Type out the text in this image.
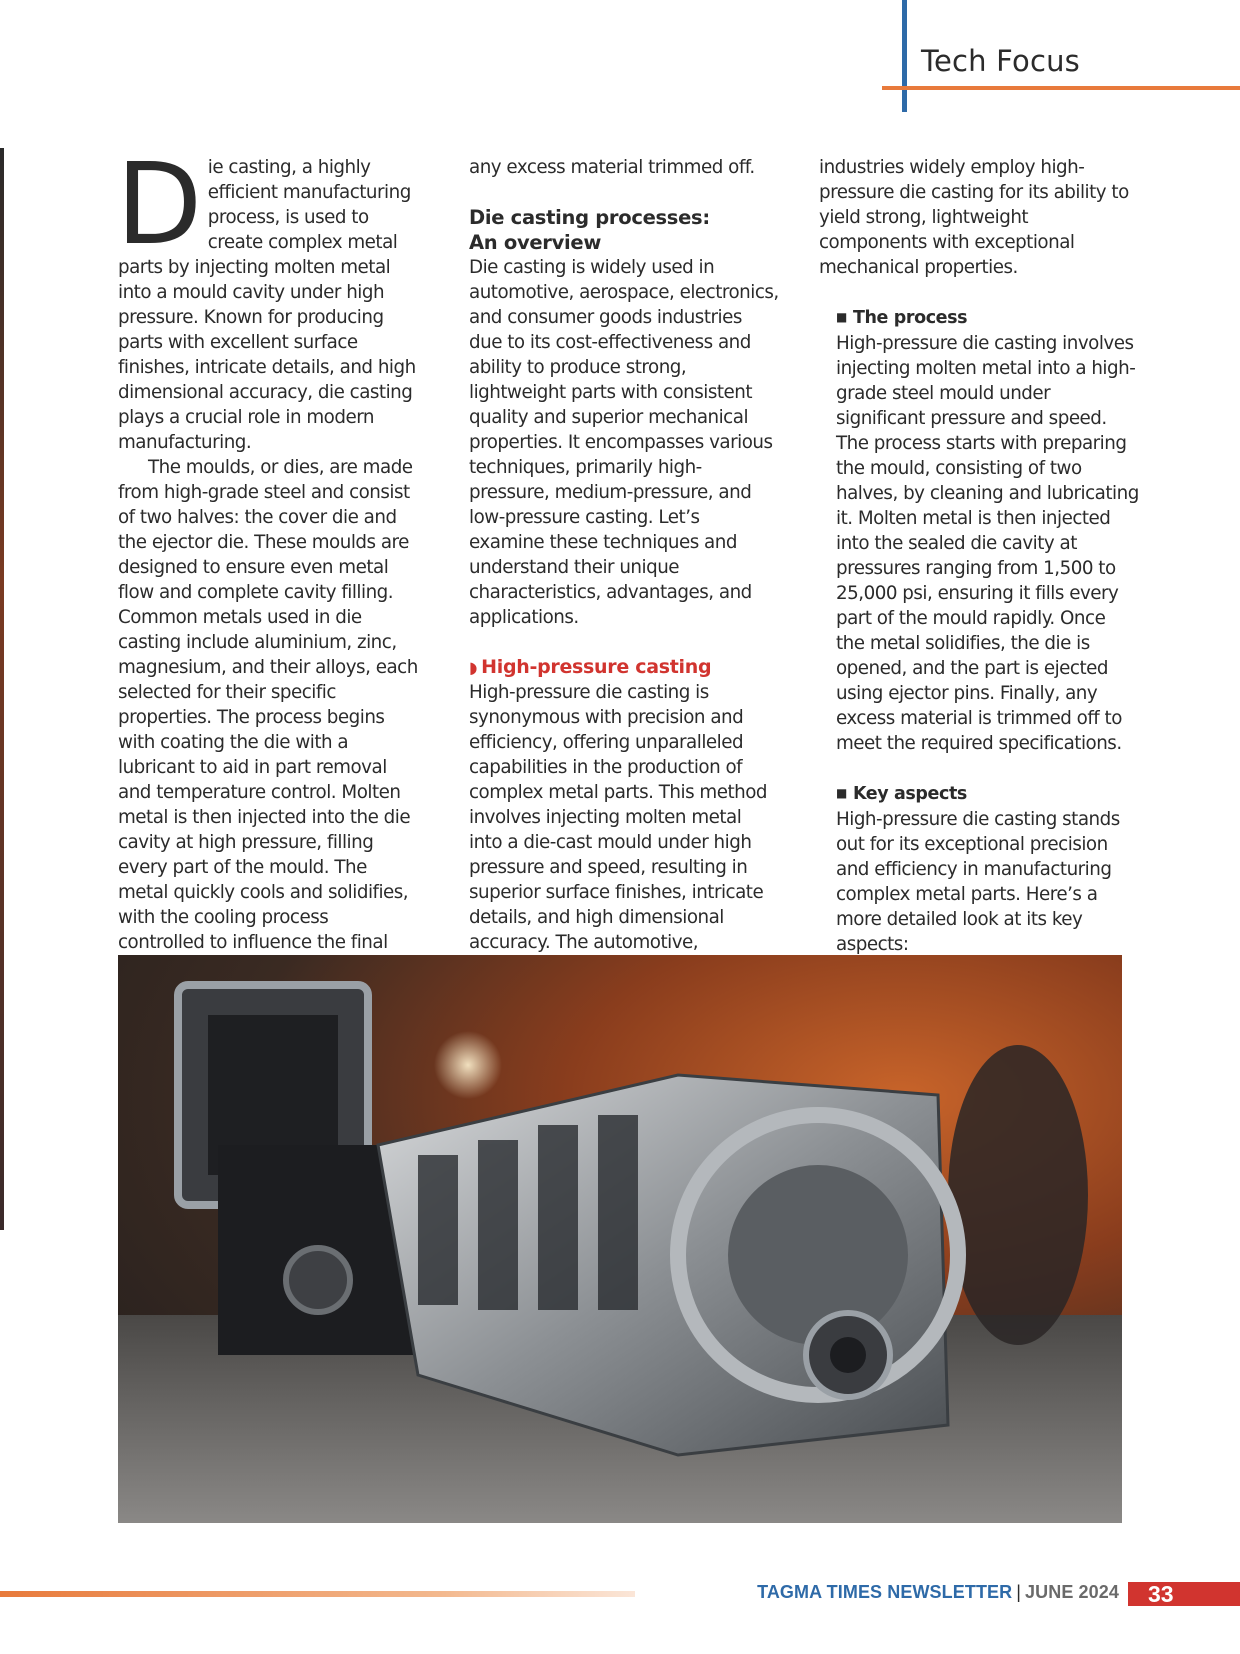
Tech Focus

Die casting, a highly efficient manufacturing process, is used to create complex metal parts by injecting molten metal into a mould cavity under high pressure. Known for producing parts with excellent surface finishes, intricate details, and high dimensional accuracy, die casting plays a crucial role in modern manufacturing.

The moulds, or dies, are made from high-grade steel and consist of two halves: the cover die and the ejector die. These moulds are designed to ensure even metal flow and complete cavity filling. Common metals used in die casting include aluminium, zinc, magnesium, and their alloys, each selected for their specific properties. The process begins with coating the die with a lubricant to aid in part removal and temperature control. Molten metal is then injected into the die cavity at high pressure, filling every part of the mould. The metal quickly cools and solidifies, with the cooling process controlled to influence the final

any excess material trimmed off.

Die casting processes:
An overview

Die casting is widely used in automotive, aerospace, electronics, and consumer goods industries due to its cost-effectiveness and ability to produce strong, lightweight parts with consistent quality and superior mechanical properties. It encompasses various techniques, primarily high-pressure, medium-pressure, and low-pressure casting. Let’s examine these techniques and understand their unique characteristics, advantages, and applications.

◗ High-pressure casting

High-pressure die casting is synonymous with precision and efficiency, offering unparalleled capabilities in the production of complex metal parts. This method involves injecting molten metal into a die-cast mould under high pressure and speed, resulting in superior surface finishes, intricate details, and high dimensional accuracy. The automotive,

industries widely employ high-pressure die casting for its ability to yield strong, lightweight components with exceptional mechanical properties.

■ The process

High-pressure die casting involves injecting molten metal into a high-grade steel mould under significant pressure and speed. The process starts with preparing the mould, consisting of two halves, by cleaning and lubricating it. Molten metal is then injected into the sealed die cavity at pressures ranging from 1,500 to 25,000 psi, ensuring it fills every part of the mould rapidly. Once the metal solidifies, the die is opened, and the part is ejected using ejector pins. Finally, any excess material is trimmed off to meet the required specifications.

■ Key aspects

High-pressure die casting stands out for its exceptional precision and efficiency in manufacturing complex metal parts. Here’s a more detailed look at its key aspects:

TAGMA TIMES NEWSLETTER | JUNE 2024	33
